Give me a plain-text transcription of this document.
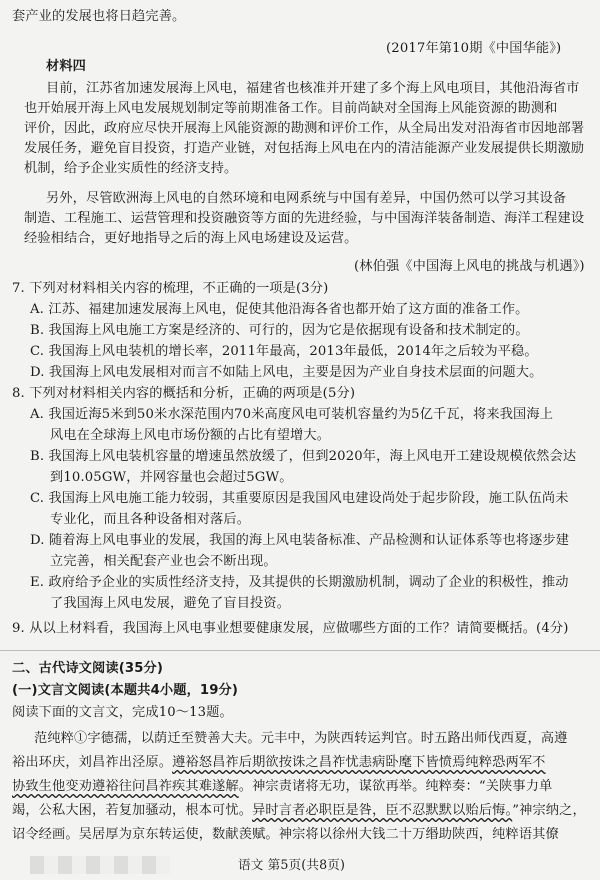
套产业的发展也将日趋完善。
(2017年第10期《中国华能》)
材料四
目前，江苏省加速发展海上风电，福建省也核准并开建了多个海上风电项目，其他沿海省市
也开始展开海上风电发展规划制定等前期准备工作。目前尚缺对全国海上风能资源的勘测和
评价，因此，政府应尽快开展海上风能资源的勘测和评价工作，从全局出发对沿海省市因地部署
发展任务，避免盲目投资，打造产业链，对包括海上风电在内的清洁能源产业发展提供长期激励
机制，给予企业实质性的经济支持。
另外，尽管欧洲海上风电的自然环境和电网系统与中国有差异，中国仍然可以学习其设备
制造、工程施工、运营管理和投资融资等方面的先进经验，与中国海洋装备制造、海洋工程建设
经验相结合，更好地指导之后的海上风电场建设及运营。
(林伯强《中国海上风电的挑战与机遇》)
7. 下列对材料相关内容的梳理，不正确的一项是(3分)
A. 江苏、福建加速发展海上风电，促使其他沿海各省也都开始了这方面的准备工作。
B. 我国海上风电施工方案是经济的、可行的，因为它是依据现有设备和技术制定的。
C. 我国海上风电装机的增长率，2011年最高，2013年最低，2014年之后较为平稳。
D. 我国海上风电发展相对而言不如陆上风电，主要是因为产业自身技术层面的问题大。
8. 下列对材料相关内容的概括和分析，正确的两项是(5分)
A. 我国近海5米到50米水深范围内70米高度风电可装机容量约为5亿千瓦，将来我国海上
风电在全球海上风电市场份额的占比有望增大。
B. 我国海上风电装机容量的增速虽然放缓了，但到2020年，海上风电开工建设规模依然会达
到10.05GW，并网容量也会超过5GW。
C. 我国海上风电施工能力较弱，其重要原因是我国风电建设尚处于起步阶段，施工队伍尚未
专业化，而且各种设备相对落后。
D. 随着海上风电事业的发展，我国的海上风电装备标准、产品检测和认证体系等也将逐步建
立完善，相关配套产业也会不断出现。
E. 政府给予企业的实质性经济支持，及其提供的长期激励机制，调动了企业的积极性，推动
了我国海上风电发展，避免了盲目投资。
9. 从以上材料看，我国海上风电事业想要健康发展，应做哪些方面的工作？请简要概括。(4分)
二、古代诗文阅读(35分)
(一)文言文阅读(本题共4小题，19分)
阅读下面的文言文，完成10～13题。
范纯粹①字德孺，以荫迁至赞善大夫。元丰中，为陕西转运判官。时五路出师伐西夏，高遵
裕出环庆，刘昌祚出泾原。遵裕怒昌祚后期欲按诛之昌祚忧恚病卧麾下皆愤焉纯粹恐两军不
协致生他变劝遵裕往问昌祚疾其难遂解。神宗责诸将无功，谋欲再举。纯粹奏：“关陕事力单
竭，公私大困，若复加骚动，根本可忧。异时言者必职臣是咎，臣不忍默默以贻后悔。”神宗纳之，
诏令经画。吴居厚为京东转运使，数献羡赋。神宗将以徐州大钱二十万缗助陕西，纯粹语其僚
语文 第5页(共8页)
